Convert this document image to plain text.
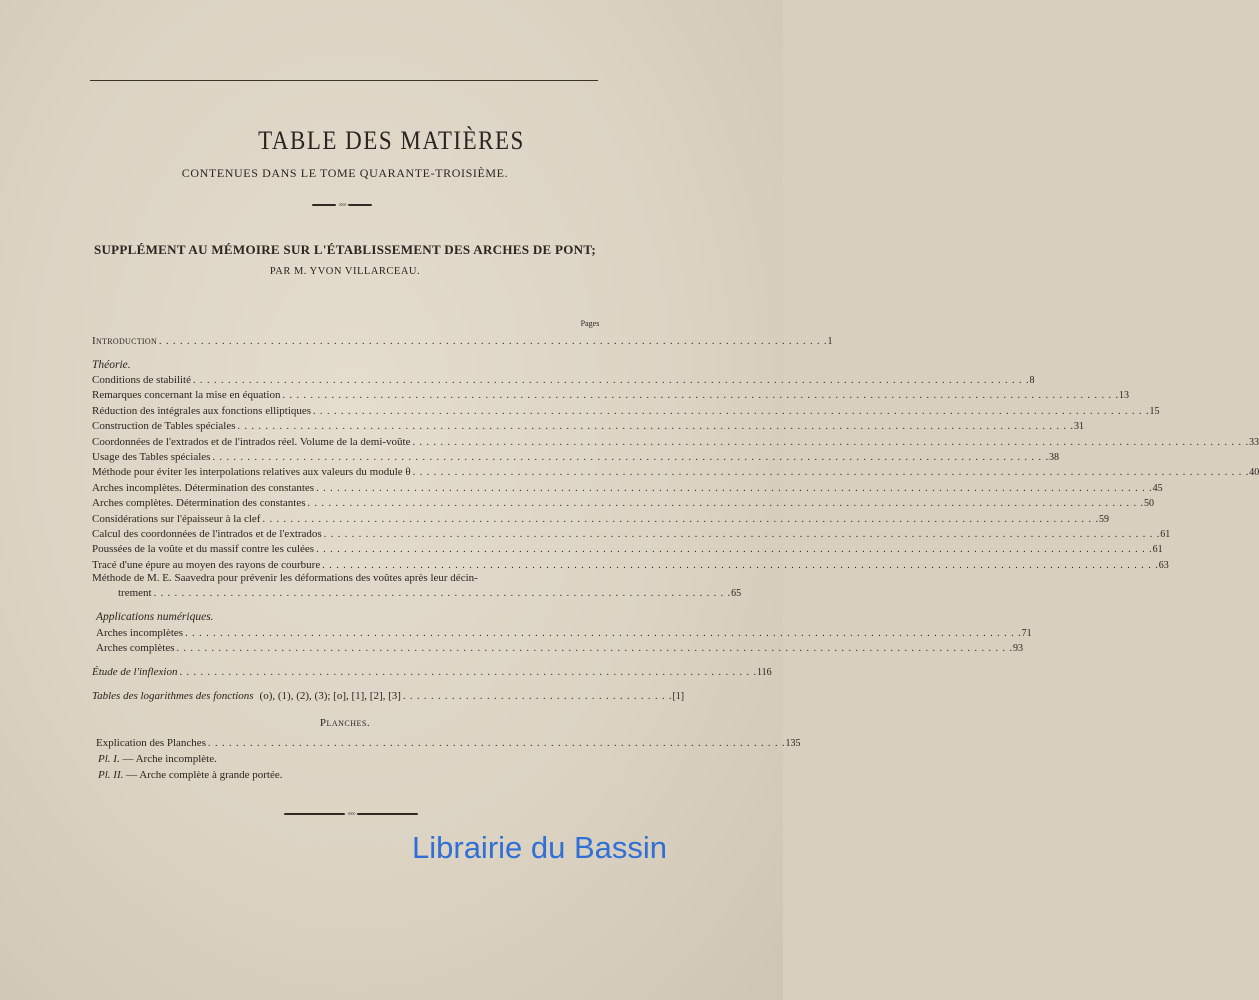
TABLE DES MATIÈRES
CONTENUES DANS LE TOME QUARANTE-TROISIÈME.
◦◦◦◦
SUPPLÉMENT AU MÉMOIRE SUR L'ÉTABLISSEMENT DES ARCHES DE PONT;
PAR M. YVON VILLARCEAU.
Pages
Introduction . . . . . . . . . . . . . . . . . . . . . . . . . . . . . . . . . . . . . . . . . . . . . . . . . . . . . . . . . . . . . . . . . . . . . . . . . . . . . . . . . . . . . . . . . . . . . . . . 1
Théorie.
Conditions de stabilité . . . . . . . . . . . . . . . . . . . . . . . . . . . . . . . . . . . . . . . . . . . . . . . . . . . . . . . . . . . . . . . . . . . . . . . . . . . . . . . . . . . . . . . . . . . . . . . . . . . . . . . . . . . . . . . . . . . . . . . . 8
Remarques concernant la mise en équation . . . . . . . . . . . . . . . . . . . . . . . . . . . . . . . . . . . . . . . . . . . . . . . . . . . . . . . . . . . . . . . . . . . . . . . . . . . . . . . . . . . . . . . . . . . . . . . . . . . . . . . . . . . . . . . . . . . . . . . . 13
Réduction des intégrales aux fonctions elliptiques . . . . . . . . . . . . . . . . . . . . . . . . . . . . . . . . . . . . . . . . . . . . . . . . . . . . . . . . . . . . . . . . . . . . . . . . . . . . . . . . . . . . . . . . . . . . . . . . . . . . . . . . . . . . . . . . . . . . . . . . 15
Construction de Tables spéciales . . . . . . . . . . . . . . . . . . . . . . . . . . . . . . . . . . . . . . . . . . . . . . . . . . . . . . . . . . . . . . . . . . . . . . . . . . . . . . . . . . . . . . . . . . . . . . . . . . . . . . . . . . . . . . . . . . . . . . . . 31
Coordonnées de l'extrados et de l'intrados réel. Volume de la demi-voûte . . . . . . . . . . . . . . . . . . . . . . . . . . . . . . . . . . . . . . . . . . . . . . . . . . . . . . . . . . . . . . . . . . . . . . . . . . . . . . . . . . . . . . . . . . . . . . . . . . . . . . . . . . . . . . . . . . . . . . . . 33
Usage des Tables spéciales . . . . . . . . . . . . . . . . . . . . . . . . . . . . . . . . . . . . . . . . . . . . . . . . . . . . . . . . . . . . . . . . . . . . . . . . . . . . . . . . . . . . . . . . . . . . . . . . . . . . . . . . . . . . . . . . . . . . . . . . 38
Méthode pour éviter les interpolations relatives aux valeurs du module θ . . . . . . . . . . . . . . . . . . . . . . . . . . . . . . . . . . . . . . . . . . . . . . . . . . . . . . . . . . . . . . . . . . . . . . . . . . . . . . . . . . . . . . . . . . . . . . . . . . . . . . . . . . . . . . . . . . . . . . . . 40
Arches incomplètes. Détermination des constantes . . . . . . . . . . . . . . . . . . . . . . . . . . . . . . . . . . . . . . . . . . . . . . . . . . . . . . . . . . . . . . . . . . . . . . . . . . . . . . . . . . . . . . . . . . . . . . . . . . . . . . . . . . . . . . . . . . . . . . . . 45
Arches complètes. Détermination des constantes . . . . . . . . . . . . . . . . . . . . . . . . . . . . . . . . . . . . . . . . . . . . . . . . . . . . . . . . . . . . . . . . . . . . . . . . . . . . . . . . . . . . . . . . . . . . . . . . . . . . . . . . . . . . . . . . . . . . . . . . 50
Considérations sur l'épaisseur à la clef . . . . . . . . . . . . . . . . . . . . . . . . . . . . . . . . . . . . . . . . . . . . . . . . . . . . . . . . . . . . . . . . . . . . . . . . . . . . . . . . . . . . . . . . . . . . . . . . . . . . . . . . . . . . . . . . . . . . . . . . 59
Calcul des coordonnées de l'intrados et de l'extrados . . . . . . . . . . . . . . . . . . . . . . . . . . . . . . . . . . . . . . . . . . . . . . . . . . . . . . . . . . . . . . . . . . . . . . . . . . . . . . . . . . . . . . . . . . . . . . . . . . . . . . . . . . . . . . . . . . . . . . . . 61
Poussées de la voûte et du massif contre les culées . . . . . . . . . . . . . . . . . . . . . . . . . . . . . . . . . . . . . . . . . . . . . . . . . . . . . . . . . . . . . . . . . . . . . . . . . . . . . . . . . . . . . . . . . . . . . . . . . . . . . . . . . . . . . . . . . . . . . . . . 61
Tracé d'une épure au moyen des rayons de courbure . . . . . . . . . . . . . . . . . . . . . . . . . . . . . . . . . . . . . . . . . . . . . . . . . . . . . . . . . . . . . . . . . . . . . . . . . . . . . . . . . . . . . . . . . . . . . . . . . . . . . . . . . . . . . . . . . . . . . . . . 63
Méthode de M. E. Saavedra pour prévenir les déformations des voûtes après leur décin-
trement . . . . . . . . . . . . . . . . . . . . . . . . . . . . . . . . . . . . . . . . . . . . . . . . . . . . . . . . . . . . . . . . . . . . . . . . . . . . . . . . . . . 65
Applications numériques.
Arches incomplètes . . . . . . . . . . . . . . . . . . . . . . . . . . . . . . . . . . . . . . . . . . . . . . . . . . . . . . . . . . . . . . . . . . . . . . . . . . . . . . . . . . . . . . . . . . . . . . . . . . . . . . . . . . . . . . . . . . . . . . . . 71
Arches complètes . . . . . . . . . . . . . . . . . . . . . . . . . . . . . . . . . . . . . . . . . . . . . . . . . . . . . . . . . . . . . . . . . . . . . . . . . . . . . . . . . . . . . . . . . . . . . . . . . . . . . . . . . . . . . . . . . . . . . . . . 93
Étude de l'inflexion . . . . . . . . . . . . . . . . . . . . . . . . . . . . . . . . . . . . . . . . . . . . . . . . . . . . . . . . . . . . . . . . . . . . . . . . . . . . . . . . . . . 116
Tables des logarithmes des fonctions (o), (1), (2), (3); [o], [1], [2], [3] . . . . . . . . . . . . . . . . . . . . . . . . . . . . . . . . . . . . . . . [1]
Planches.
Explication des Planches . . . . . . . . . . . . . . . . . . . . . . . . . . . . . . . . . . . . . . . . . . . . . . . . . . . . . . . . . . . . . . . . . . . . . . . . . . . . . . . . . . . 135
Pl. I. — Arche incomplète.
Pl. II. — Arche complète à grande portée.
◦◦◦◦
Librairie du Bassin
